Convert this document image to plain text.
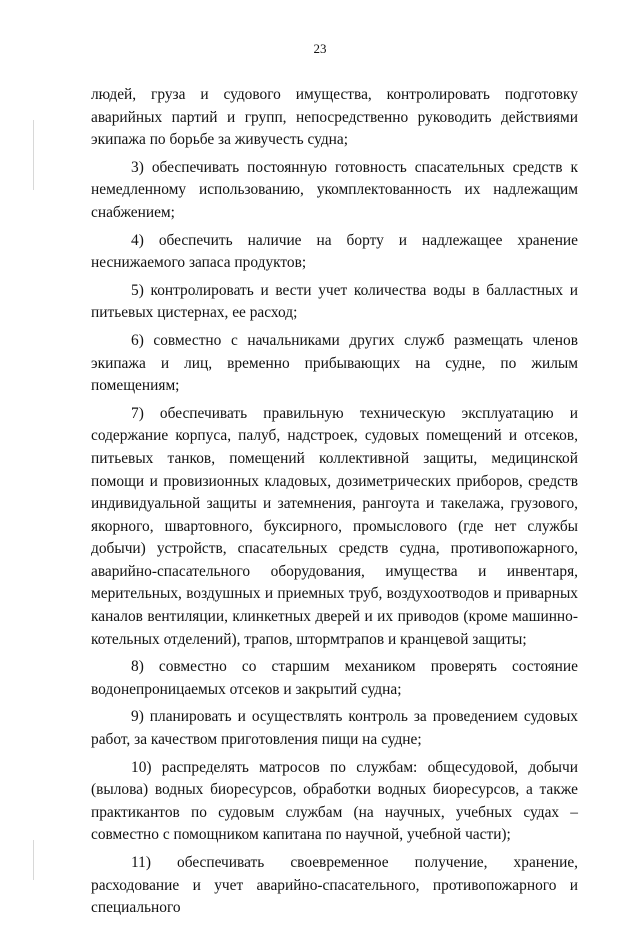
23

людей, груза и судового имущества, контролировать подготовку аварийных партий и групп, непосредственно руководить действиями экипажа по борьбе за живучесть судна;

3) обеспечивать постоянную готовность спасательных средств к немедленному использованию, укомплектованность их надлежащим снабжением;

4) обеспечить наличие на борту и надлежащее хранение неснижаемого запаса продуктов;

5) контролировать и вести учет количества воды в балластных и питьевых цистернах, ее расход;

6) совместно с начальниками других служб размещать членов экипажа и лиц, временно прибывающих на судне, по жилым помещениям;

7) обеспечивать правильную техническую эксплуатацию и содержание корпуса, палуб, надстроек, судовых помещений и отсеков, питьевых танков, помещений коллективной защиты, медицинской помощи и провизионных кладовых, дозиметрических приборов, средств индивидуальной защиты и затемнения, рангоута и такелажа, грузового, якорного, швартовного, буксирного, промыслового (где нет службы добычи) устройств, спасательных средств судна, противопожарного, аварийно-спасательного оборудования, имущества и инвентаря, мерительных, воздушных и приемных труб, воздухоотводов и приварных каналов вентиляции, клинкетных дверей и их приводов (кроме машинно-котельных отделений), трапов, штормтрапов и кранцевой защиты;

8) совместно со старшим механиком проверять состояние водонепроницаемых отсеков и закрытий судна;

9) планировать и осуществлять контроль за проведением судовых работ, за качеством приготовления пищи на судне;

10) распределять матросов по службам: общесудовой, добычи (вылова) водных биоресурсов, обработки водных биоресурсов, а также практикантов по судовым службам (на научных, учебных судах – совместно с помощником капитана по научной, учебной части);

11) обеспечивать своевременное получение, хранение, расходование и учет аварийно-спасательного, противопожарного и специального
